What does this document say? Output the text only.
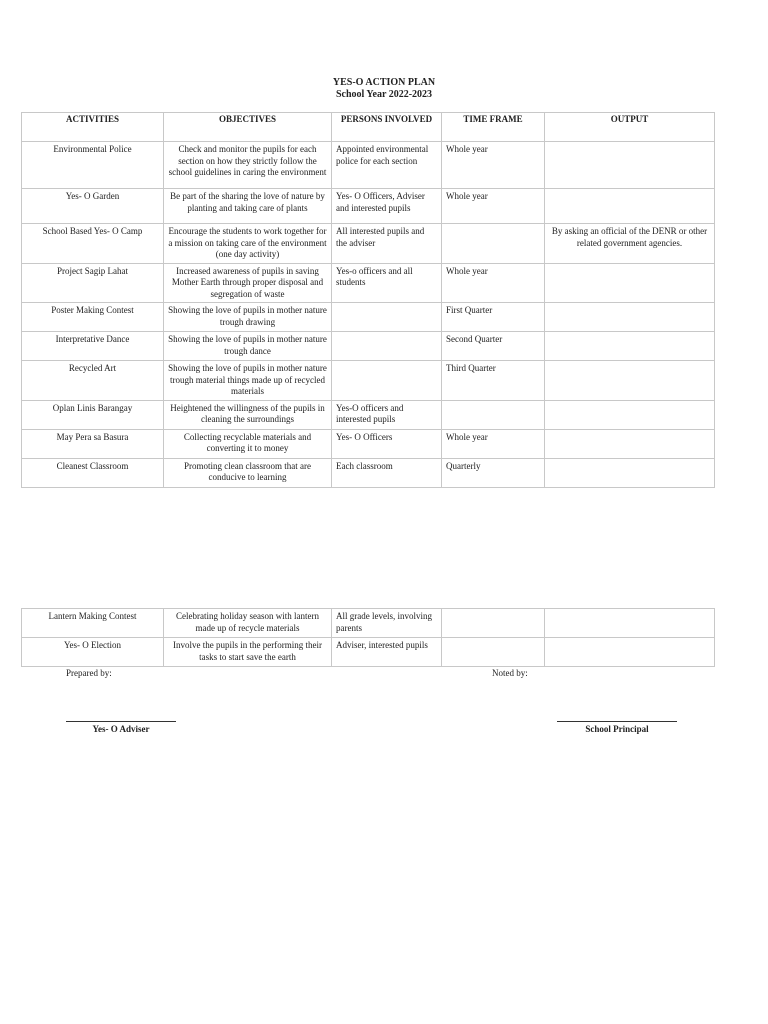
YES-O ACTION PLAN
School Year 2022-2023
ACTIVITIES	OBJECTIVES	PERSONS INVOLVED	TIME FRAME	OUTPUT
Environmental Police	Check and monitor the pupils for each section on how they strictly follow the school guidelines in caring the environment	Appointed environmental police for each section	Whole year	
Yes- O Garden	Be part of the sharing the love of nature by planting and taking care of plants	Yes- O Officers, Adviser and interested pupils	Whole year	
School Based Yes- O Camp	Encourage the students to work together for a mission on taking care of the environment (one day activity)	All interested pupils and the adviser		By asking an official of the DENR or other related government agencies.
Project Sagip Lahat	Increased awareness of pupils in saving Mother Earth through proper disposal and segregation of waste	Yes-o officers and all students	Whole year	
Poster Making Contest	Showing the love of pupils in mother nature trough drawing		First Quarter	
Interpretative Dance	Showing the love of pupils in mother nature trough dance		Second Quarter	
Recycled Art	Showing the love of pupils in mother nature trough material things made up of recycled materials		Third Quarter	
Oplan Linis Barangay	Heightened the willingness of the pupils in cleaning the surroundings	Yes-O officers and interested pupils		
May Pera sa Basura	Collecting recyclable materials and converting it to money	Yes- O Officers	Whole year	
Cleanest Classroom	Promoting clean classroom that are conducive to learning	Each classroom	Quarterly	
Lantern Making Contest	Celebrating holiday season with lantern made up of recycle materials	All grade levels, involving parents		
Yes- O Election	Involve the pupils in the performing their tasks to start save the earth	Adviser, interested pupils		
Prepared by:	Noted by:
Yes- O Adviser	School Principal
